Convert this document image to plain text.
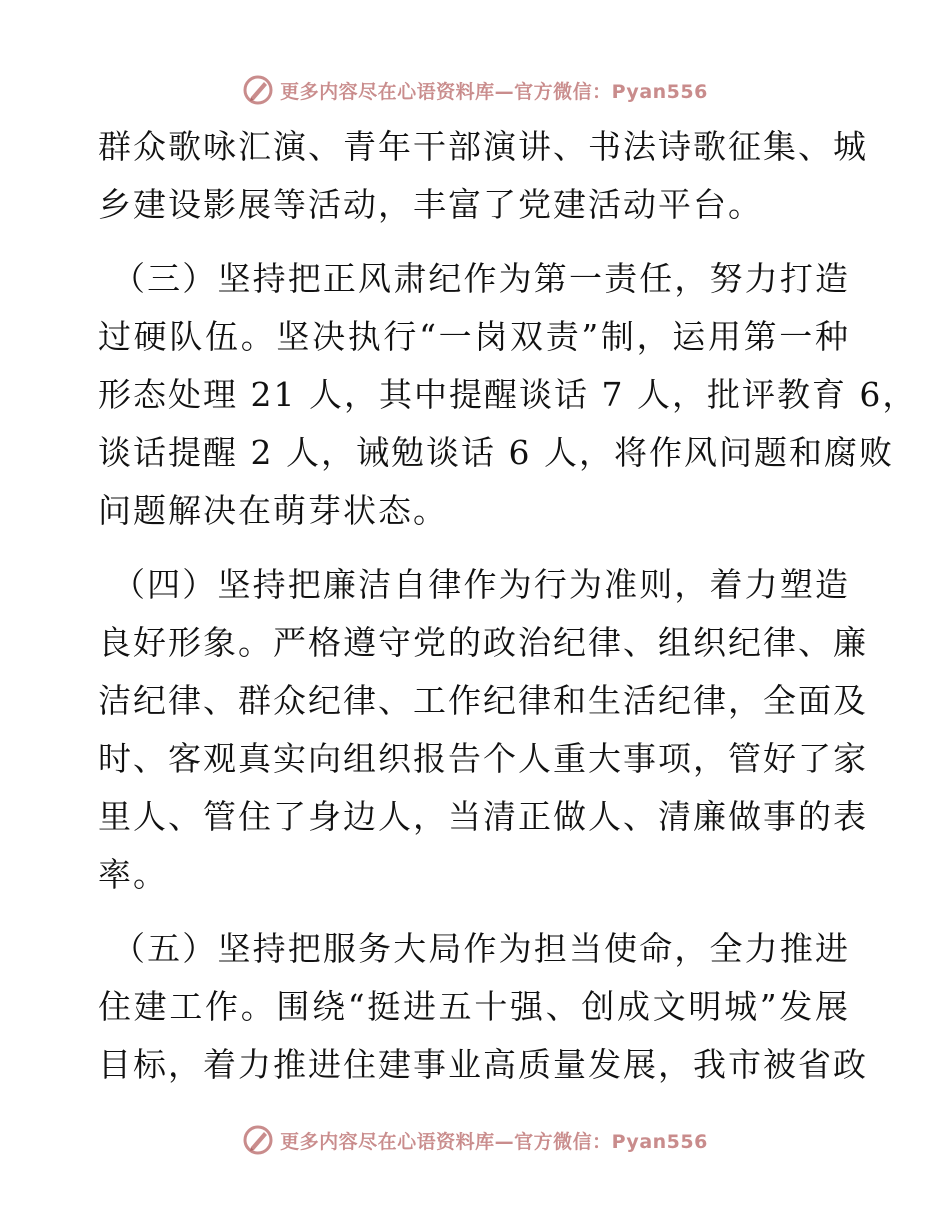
更多内容尽在心语资料库—官方微信：Pyan556
群众歌咏汇演、青年干部演讲、书法诗歌征集、城
乡建设影展等活动，丰富了党建活动平台。
（三）坚持把正风肃纪作为第一责任，努力打造
过硬队伍。坚决执行“一岗双责”制，运用第一种
形态处理 21 人，其中提醒谈话 7 人，批评教育 6，
谈话提醒 2 人，诫勉谈话 6 人，将作风问题和腐败
问题解决在萌芽状态。
（四）坚持把廉洁自律作为行为准则，着力塑造
良好形象。严格遵守党的政治纪律、组织纪律、廉
洁纪律、群众纪律、工作纪律和生活纪律，全面及
时、客观真实向组织报告个人重大事项，管好了家
里人、管住了身边人，当清正做人、清廉做事的表
率。
（五）坚持把服务大局作为担当使命，全力推进
住建工作。围绕“挺进五十强、创成文明城”发展
目标，着力推进住建事业高质量发展，我市被省政
更多内容尽在心语资料库—官方微信：Pyan556
